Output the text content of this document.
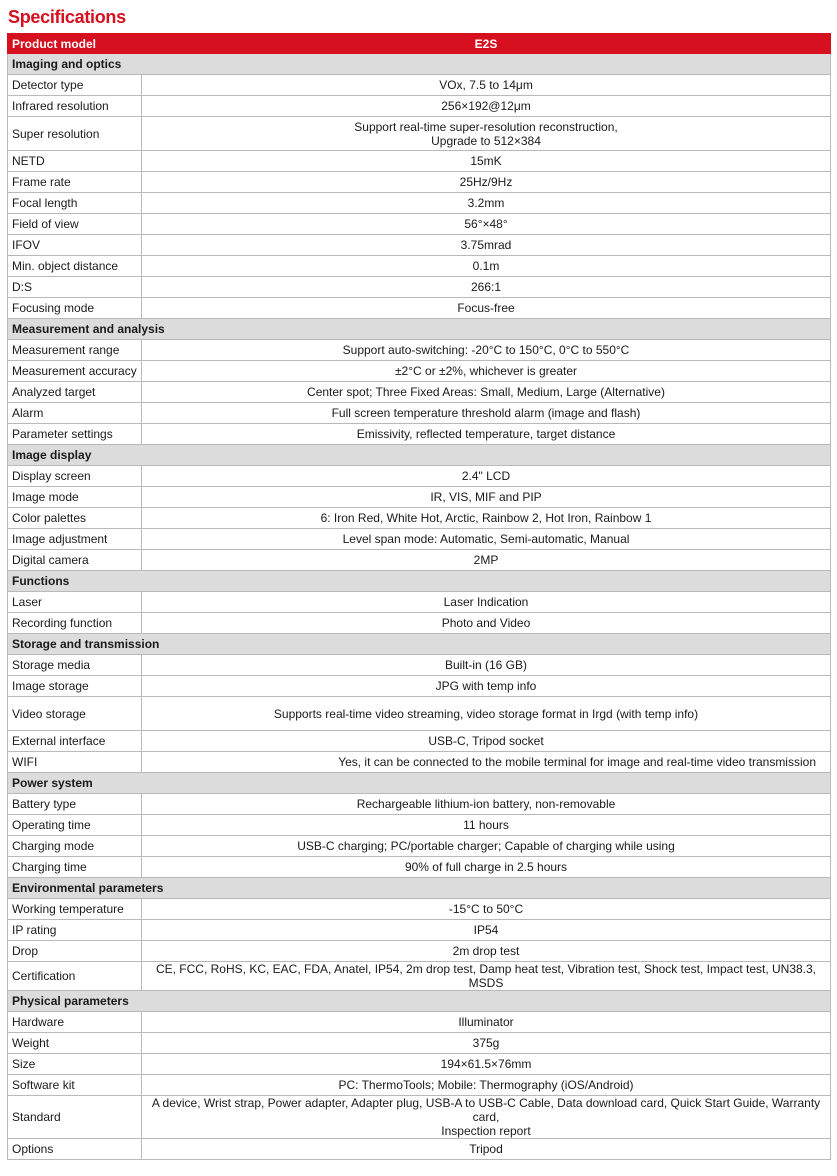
Specifications
Product model	E2S
Imaging and optics	
Detector type	VOx, 7.5 to 14μm

Infrared resolution	256×192@12μm

Super resolution	Support real-time super-resolution reconstruction,
Upgrade to 512×384

NETD	15mK

Frame rate	25Hz/9Hz

Focal length	3.2mm

Field of view	56°×48°

IFOV	3.75mrad

Min. object distance	0.1m

D:S	266:1

Focusing mode	Focus-free

Measurement and analysis	
Measurement range	Support auto-switching: -20°C to 150°C, 0°C to 550°C

Measurement accuracy	±2°C or ±2%, whichever is greater

Analyzed target	Center spot; Three Fixed Areas: Small, Medium, Large (Alternative)

Alarm	Full screen temperature threshold alarm (image and flash)

Parameter settings	Emissivity, reflected temperature, target distance

Image display	
Display screen	2.4" LCD

Image mode	IR, VIS, MIF and PIP

Color palettes	6: Iron Red, White Hot, Arctic, Rainbow 2, Hot Iron, Rainbow 1

Image adjustment	Level span mode: Automatic, Semi-automatic, Manual

Digital camera	2MP

Functions	
Laser	Laser Indication

Recording function	Photo and Video

Storage and transmission	
Storage media	Built-in (16 GB)

Image storage	JPG with temp info

Video storage	Supports real-time video streaming, video storage format in Irgd (with temp info)

External interface	USB-C, Tripod socket

WIFI	Yes, it can be connected to the mobile terminal for image and real-time video transmission

Power system	
Battery type	Rechargeable lithium-ion battery, non-removable

Operating time	11 hours

Charging mode	USB-C charging; PC/portable charger; Capable of charging while using

Charging time	90% of full charge in 2.5 hours

Environmental parameters	
Working temperature	-15°C to 50°C

IP rating	IP54

Drop	2m drop test

Certification	CE, FCC, RoHS, KC, EAC, FDA, Anatel, IP54, 2m drop test, Damp heat test, Vibration test, Shock test, Impact test, UN38.3, MSDS

Physical parameters	
Hardware	Illuminator

Weight	375g

Size	194×61.5×76mm

Software kit	PC: ThermoTools; Mobile: Thermography (iOS/Android)

Standard	A device, Wrist strap, Power adapter, Adapter plug, USB-A to USB-C Cable, Data download card, Quick Start Guide, Warranty card,
Inspection report

Options	Tripod
